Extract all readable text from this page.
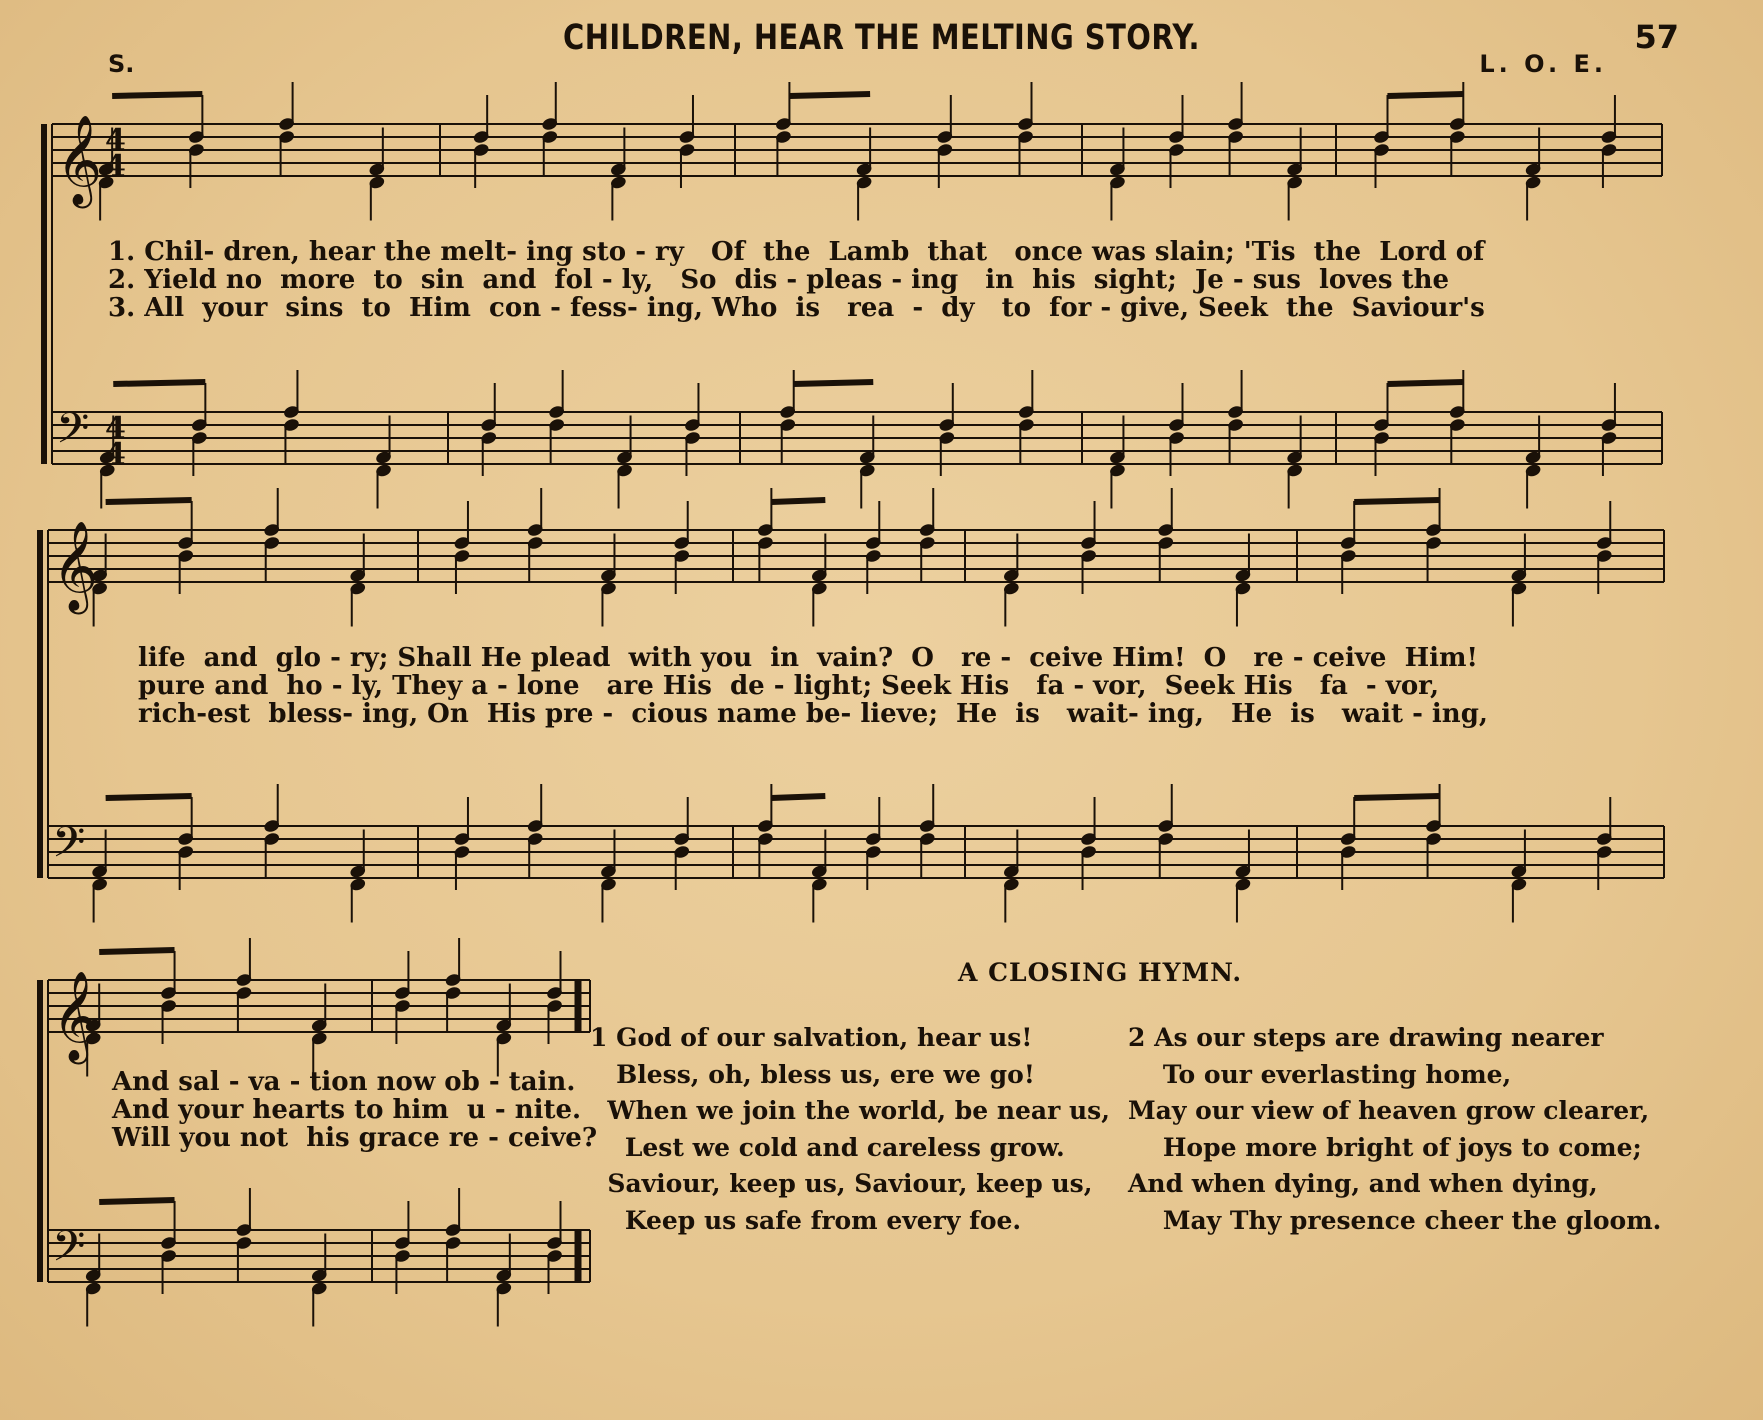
CHILDREN, HEAR THE MELTING STORY.	57
S.	L. O. E.
𝄞
𝄢
𝄞
𝄢
𝄞
𝄢
4
4
4
4
1. Chil- dren, hear the melt- ing sto - ry   Of  the  Lamb  that   once was slain; 'Tis  the  Lord of
2. Yield no  more  to  sin  and  fol - ly,   So  dis - pleas - ing   in  his  sight;  Je - sus  loves the
3. All  your  sins  to  Him  con - fess- ing, Who  is   rea  -  dy   to  for - give, Seek  the  Saviour's
life  and  glo - ry; Shall He plead  with you  in  vain?  O   re -  ceive Him!  O   re - ceive  Him!
pure and  ho - ly, They a - lone   are His  de - light; Seek His   fa - vor,  Seek His   fa  - vor,
rich-est  bless- ing, On  His pre -  cious name be- lieve;  He  is   wait- ing,   He  is   wait - ing,
And sal - va - tion now ob - tain.
And your hearts to him  u - nite.
Will you not  his grace re - ceive?
A CLOSING HYMN.
1 God of our salvation, hear us!
Bless, oh, bless us, ere we go!
When we join the world, be near us,
Lest we cold and careless grow.
Saviour, keep us, Saviour, keep us,
Keep us safe from every foe.
2 As our steps are drawing nearer
To our everlasting home,
May our view of heaven grow clearer,
Hope more bright of joys to come;
And when dying, and when dying,
May Thy presence cheer the gloom.
